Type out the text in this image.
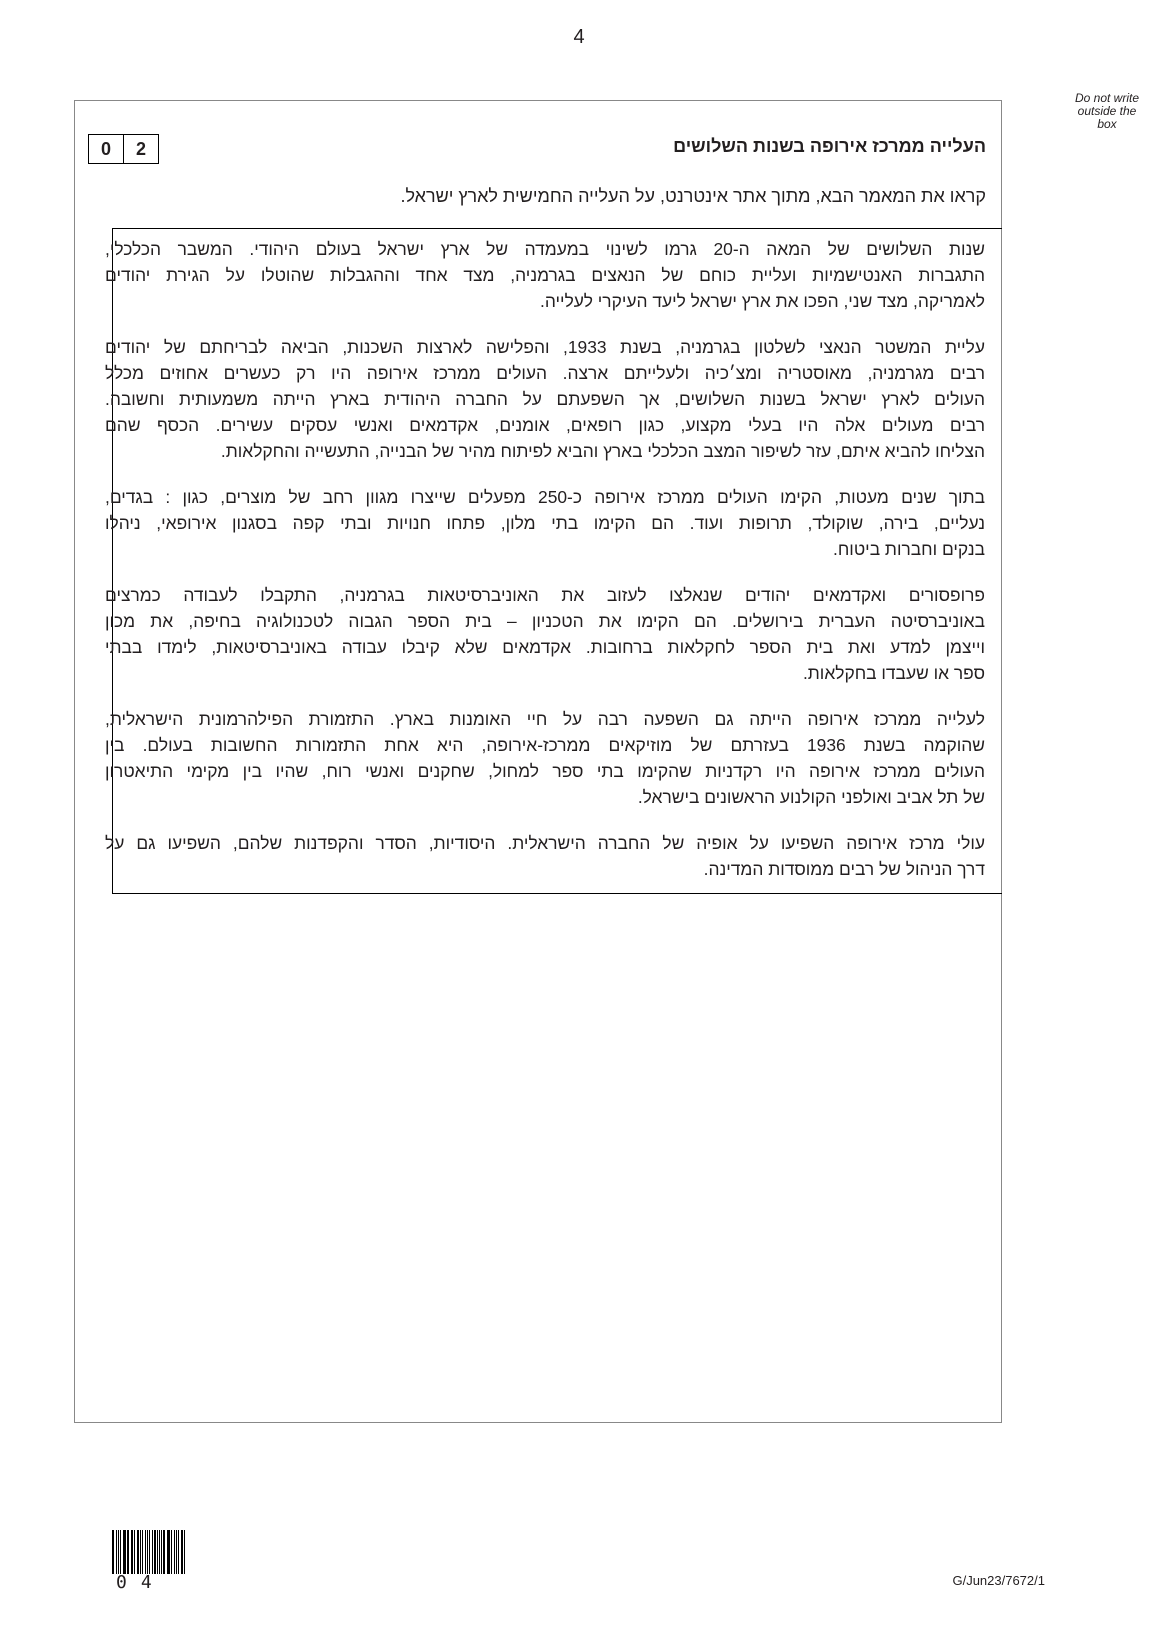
4
Do not write
outside the
box
0	2	העלייה ממרכז אירופה בשנות השלושים
קראו את המאמר הבא, מתוך אתר אינטרנט, על העלייה החמישית לארץ ישראל.
שנות השלושים של המאה ה-20 גרמו לשינוי במעמדה של ארץ ישראל בעולם היהודי. המשבר הכלכלי,
התגברות האנטישמיות ועליית כוחם של הנאצים בגרמניה, מצד אחד וההגבלות שהוטלו על הגירת יהודים
לאמריקה, מצד שני, הפכו את ארץ ישראל ליעד העיקרי לעלייה.
עליית המשטר הנאצי לשלטון בגרמניה, בשנת 1933, והפלישה לארצות השכנות, הביאה לבריחתם של יהודים
רבים מגרמניה, מאוסטריה ומצ׳כיה ולעלייתם ארצה. העולים ממרכז אירופה היו רק כעשרים אחוזים מכלל
העולים לארץ ישראל בשנות השלושים, אך השפעתם על החברה היהודית בארץ הייתה משמעותית וחשובה.
רבים מעולים אלה היו בעלי מקצוע, כגון רופאים, אומנים, אקדמאים ואנשי עסקים עשירים. הכסף שהם
הצליחו להביא איתם, עזר לשיפור המצב הכלכלי בארץ והביא לפיתוח מהיר של הבנייה, התעשייה והחקלאות.
בתוך שנים מעטות, הקימו העולים ממרכז אירופה כ-250 מפעלים שייצרו מגוון רחב של מוצרים, כגון : בגדים,
נעליים, בירה, שוקולד, תרופות ועוד. הם הקימו בתי מלון, פתחו חנויות ובתי קפה בסגנון אירופאי, ניהלו
בנקים וחברות ביטוח.
פרופסורים ואקדמאים יהודים שנאלצו לעזוב את האוניברסיטאות בגרמניה, התקבלו לעבודה כמרצים
באוניברסיטה העברית בירושלים. הם הקימו את הטכניון – בית הספר הגבוה לטכנולוגיה בחיפה, את מכון
וייצמן למדע ואת בית הספר לחקלאות ברחובות. אקדמאים שלא קיבלו עבודה באוניברסיטאות, לימדו בבתי
ספר או שעבדו בחקלאות.
לעלייה ממרכז אירופה הייתה גם השפעה רבה על חיי האומנות בארץ. התזמורת הפילהרמונית הישראלית,
שהוקמה בשנת 1936 בעזרתם של מוזיקאים ממרכז-אירופה, היא אחת התזמורות החשובות בעולם. בין
העולים ממרכז אירופה היו רקדניות שהקימו בתי ספר למחול, שחקנים ואנשי רוח, שהיו בין מקימי התיאטרון
של תל אביב ואולפני הקולנוע הראשונים בישראל.
עולי מרכז אירופה השפיעו על אופיה של החברה הישראלית. היסודיות, הסדר והקפדנות שלהם, השפיעו גם על
דרך הניהול של רבים ממוסדות המדינה.
04	G/Jun23/7672/1
